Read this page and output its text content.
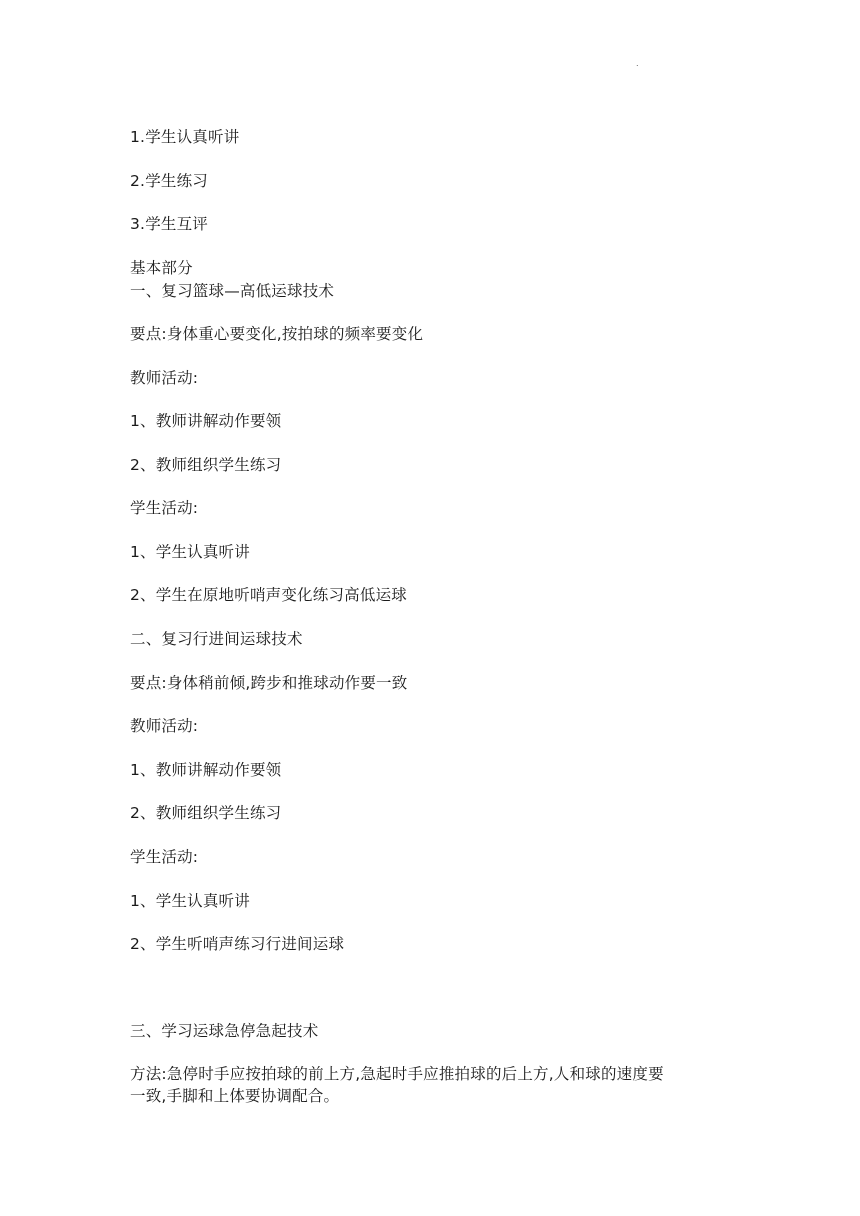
.
1.学生认真听讲
2.学生练习
3.学生互评
基本部分
一、复习篮球—高低运球技术
要点:身体重心要变化,按拍球的频率要变化
教师活动:
1、教师讲解动作要领
2、教师组织学生练习
学生活动:
1、学生认真听讲
2、学生在原地听哨声变化练习高低运球
二、复习行进间运球技术
要点:身体稍前倾,跨步和推球动作要一致
教师活动:
1、教师讲解动作要领
2、教师组织学生练习
学生活动:
1、学生认真听讲
2、学生听哨声练习行进间运球
三、学习运球急停急起技术
方法:急停时手应按拍球的前上方,急起时手应推拍球的后上方,人和球的速度要
一致,手脚和上体要协调配合。
